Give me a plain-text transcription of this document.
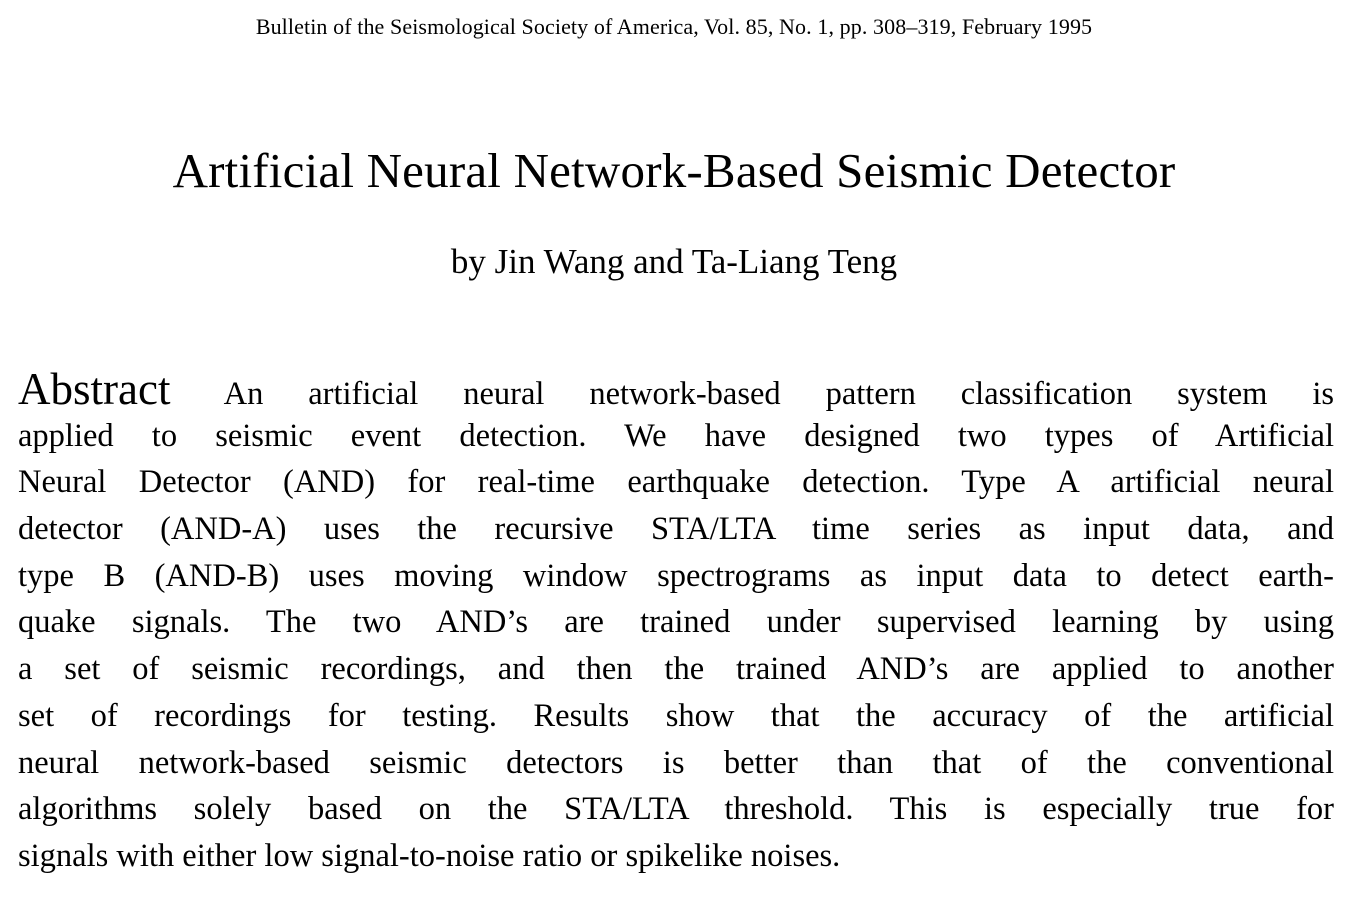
Bulletin of the Seismological Society of America, Vol. 85, No. 1, pp. 308–319, February 1995
Artificial Neural Network-Based Seismic Detector
by Jin Wang and Ta-Liang Teng
Abstract An artificial neural network-based pattern classification system is
applied to seismic event detection. We have designed two types of Artificial
Neural Detector (AND) for real-time earthquake detection. Type A artificial neural
detector (AND-A) uses the recursive STA/LTA time series as input data, and
type B (AND-B) uses moving window spectrograms as input data to detect earth-
quake signals. The two AND’s are trained under supervised learning by using
a set of seismic recordings, and then the trained AND’s are applied to another
set of recordings for testing. Results show that the accuracy of the artificial
neural network-based seismic detectors is better than that of the conventional
algorithms solely based on the STA/LTA threshold. This is especially true for
signals with either low signal-to-noise ratio or spikelike noises.
